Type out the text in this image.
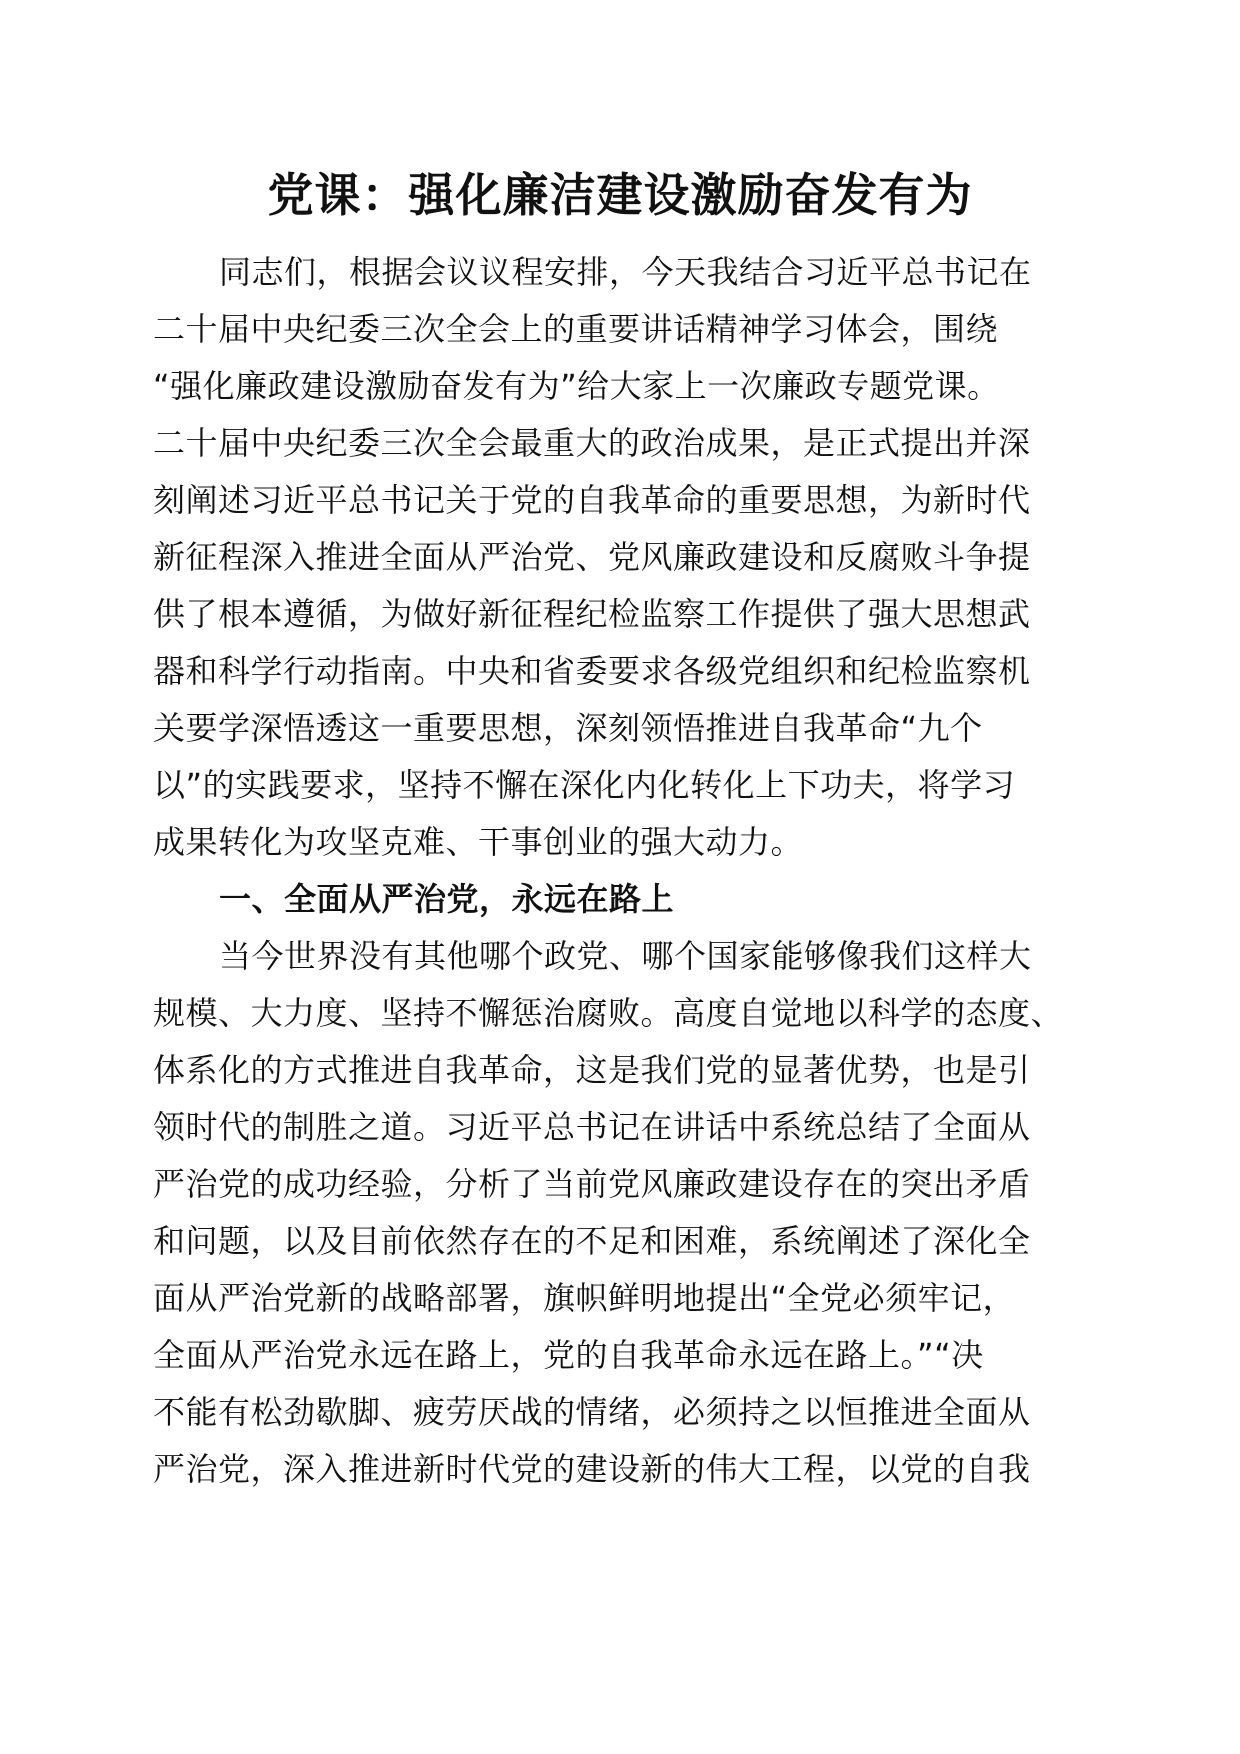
党课：强化廉洁建设激励奋发有为
同志们，根据会议议程安排，今天我结合习近平总书记在
二十届中央纪委三次全会上的重要讲话精神学习体会，围绕
“强化廉政建设激励奋发有为”给大家上一次廉政专题党课。
二十届中央纪委三次全会最重大的政治成果，是正式提出并深
刻阐述习近平总书记关于党的自我革命的重要思想，为新时代
新征程深入推进全面从严治党、党风廉政建设和反腐败斗争提
供了根本遵循，为做好新征程纪检监察工作提供了强大思想武
器和科学行动指南。中央和省委要求各级党组织和纪检监察机
关要学深悟透这一重要思想，深刻领悟推进自我革命“九个
以”的实践要求，坚持不懈在深化内化转化上下功夫，将学习
成果转化为攻坚克难、干事创业的强大动力。
一、全面从严治党，永远在路上
当今世界没有其他哪个政党、哪个国家能够像我们这样大
规模、大力度、坚持不懈惩治腐败。高度自觉地以科学的态度、
体系化的方式推进自我革命，这是我们党的显著优势，也是引
领时代的制胜之道。习近平总书记在讲话中系统总结了全面从
严治党的成功经验，分析了当前党风廉政建设存在的突出矛盾
和问题，以及目前依然存在的不足和困难，系统阐述了深化全
面从严治党新的战略部署，旗帜鲜明地提出“全党必须牢记，
全面从严治党永远在路上，党的自我革命永远在路上。”“决
不能有松劲歇脚、疲劳厌战的情绪，必须持之以恒推进全面从
严治党，深入推进新时代党的建设新的伟大工程，以党的自我
